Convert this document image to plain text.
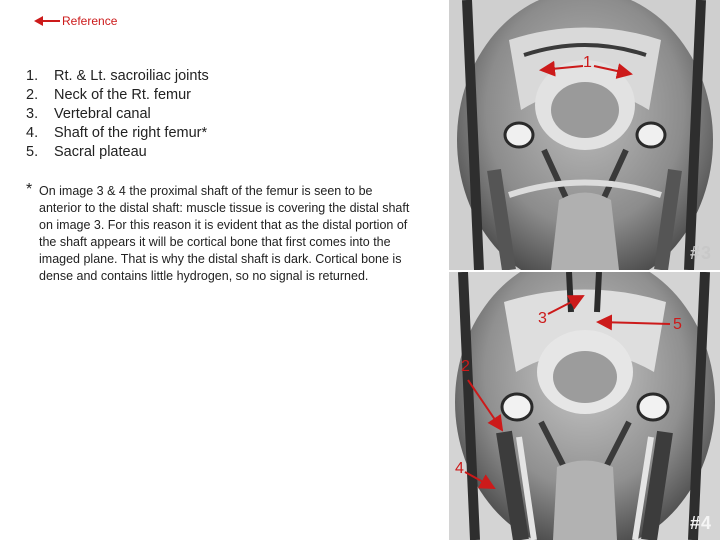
Reference
1.	Rt. & Lt. sacroiliac joints
2.	Neck of the Rt. femur
3.	Vertebral canal
4.	Shaft of the right femur*
5.	Sacral plateau
* On image 3 & 4 the proximal shaft of the femur is seen to be anterior to the distal shaft: muscle tissue is covering the distal shaft on image 3. For this reason it is evident that as the distal portion of the shaft appears it will be cortical bone that first comes into the imaged plane. That is why the distal shaft is dark. Cortical bone is dense and contains little hydrogen, so no signal is returned.
#3
#4
1
2
3
4
5
